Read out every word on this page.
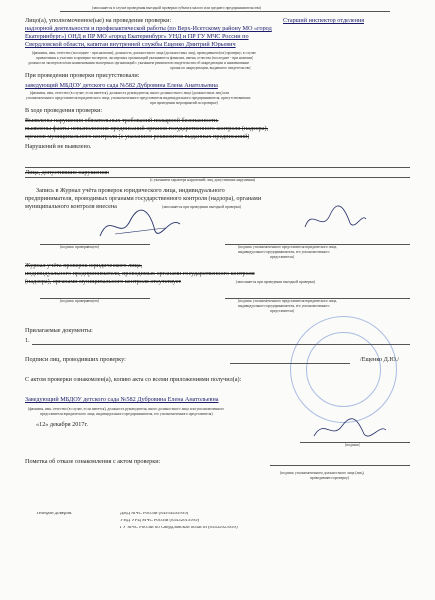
(заполняется в случае проведения выездной проверки субъекта малого или среднего предпринимательства)
Лицо(а), уполномоченное(ые) на проведение проверки:	Старший инспектор отделения
надзорной деятельности и профилактической работы (по Верх-Исетскому району МО «город
Екатеринбург») ОНД и ПР МО «город Екатеринбург» УНД и ПР ГУ МЧС России по
Свердловской области, капитан внутренней службы Ещенко Дмитрий Юрьевич
(фамилия, имя, отчество (последнее - при наличии), должность должностного лица (должностных лиц), проводившего(их) проверку; в случае
привлечения к участию в проверке экспертов, экспертных организаций указываются фамилии, имена, отчества (последнее - при наличии)
должности экспертов и/или наименования экспертных организаций с указанием реквизитов свидетельства об аккредитации и наименование
органа по аккредитации, выдавшего свидетельство)
При проведении проверки присутствовали:
заведующий МБДОУ детского сада №582 Дубровина Елена Анатольевна
(фамилия, имя, отчество (в случае, если имеется), должность руководителя, иного должностного лица (должностных лиц) или
уполномоченного представителя юридического лица, уполномоченного представителя индивидуального предпринимателя, присутствовавших
при проведении мероприятий по проверке)
В ходе проведения проверки:
Выявлены нарушения обязательных требований пожарной безопасности.
выявлены факты невыполнения предписаний органов государственного контроля (надзора),
органов муниципального контроля (с указанием реквизитов выданных предписаний)
Нарушений не выявлено.
Лица, допустившие нарушения:
(с указанием характера нарушений; лиц, допустивших нарушения)
Запись в Журнал учёта проверок юридического лица, индивидуального
предпринимателя, проводимых органами государственного контроля (надзора), органами
муниципального контроля внесена	(заполняется при проведении выездной проверки)
(подпись проверяющего)	(подпись уполномоченного представителя юридического лица,
индивидуального предпринимателя, его уполномоченного
представителя)
Журнал учёта проверок юридического лица,
индивидуального предпринимателя, проводимых органами государственного контроля
(надзора), органами муниципального контроля отсутствует	(заполняется при проведении выездной проверки)
(подпись проверяющего)	(подпись уполномоченного представителя юридического лица,
индивидуального предпринимателя, его уполномоченного
представителя)
Прилагаемые документы:
1.
Подписи лиц, проводивших проверку:	/Ещенко Д.Ю./
С актом проверки ознакомлен(а), копию акта со всеми приложениями получил(а):
Заведующий МБДОУ детского сада №582 Дубровина Елена Анатольевна
(фамилия, имя, отчество (в случае, если имеется), должность руководителя, иного должностного лица или уполномоченного
представителя юридического лица, индивидуального предпринимателя, его уполномоченного представителя)
«12» декабря 2017г.
(подпись)
Пометка об отказе ознакомления с актом проверки:
(подпись уполномоченного должностного лица (лиц),
проводившего проверку)
Телефон доверия:	ДНД МЧС России (84954499999)
УНД УРЦ МЧС России (83432619999)
ГУ МЧС России по Свердловской области (83432629999)
